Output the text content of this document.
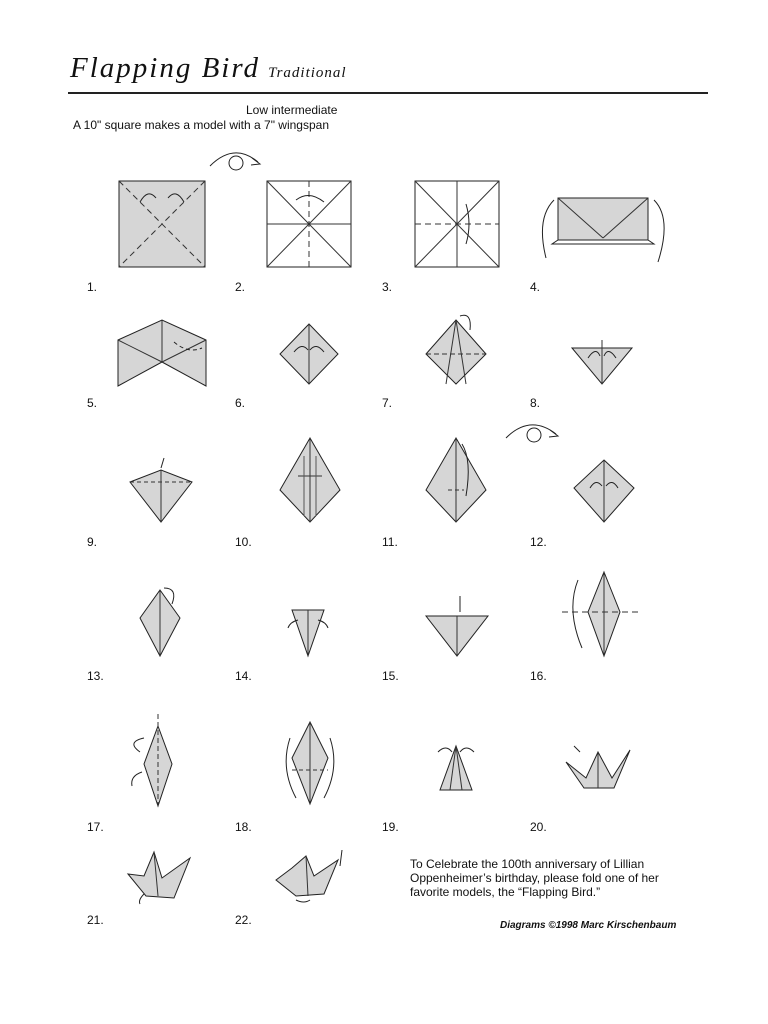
Flapping Bird Traditional
Low intermediate
A 10" square makes a model with a 7" wingspan
1.	2.	3.	4.
5.	6.	7.	8.
9.	10.	11.	12.
13.	14.	15.	16.
17.	18.	19.	20.
21.	22.
To Celebrate the 100th anniversary of Lillian Oppenheimer’s birthday, please fold one of her favorite models, the “Flapping Bird.”
Diagrams ©1998 Marc Kirschenbaum
